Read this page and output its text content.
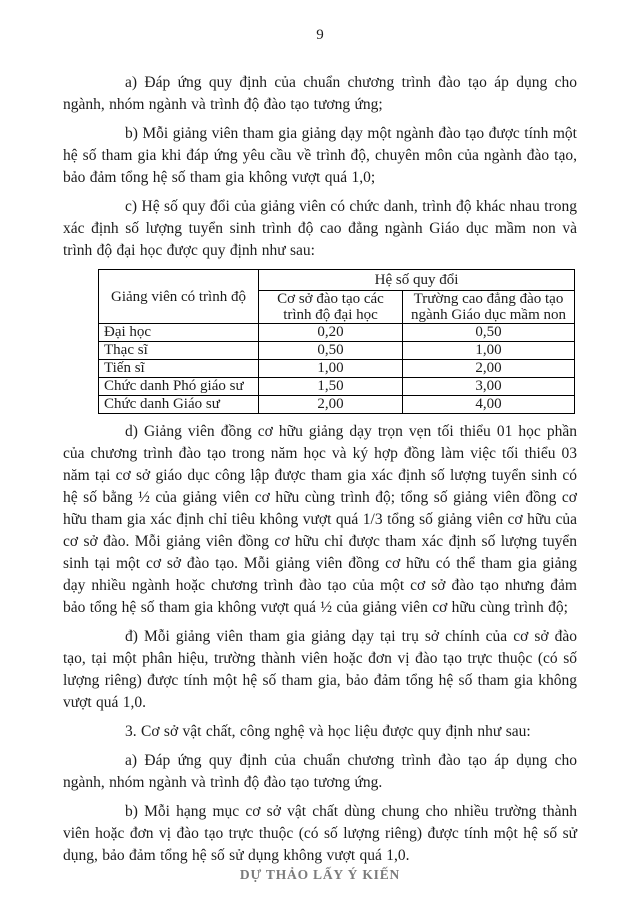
9

a) Đáp ứng quy định của chuẩn chương trình đào tạo áp dụng cho ngành, nhóm ngành và trình độ đào tạo tương ứng;

b) Mỗi giảng viên tham gia giảng dạy một ngành đào tạo được tính một hệ số tham gia khi đáp ứng yêu cầu về trình độ, chuyên môn của ngành đào tạo, bảo đảm tổng hệ số tham gia không vượt quá 1,0;

c) Hệ số quy đổi của giảng viên có chức danh, trình độ khác nhau trong xác định số lượng tuyển sinh trình độ cao đẳng ngành Giáo dục mầm non và trình độ đại học được quy định như sau:

Giảng viên có trình độ	Hệ số quy đổi	
	Cơ sở đào tạo các trình độ đại học	Trường cao đẳng đào tạo ngành Giáo dục mầm non
Đại học	0,20	0,50
Thạc sĩ	0,50	1,00
Tiến sĩ	1,00	2,00
Chức danh Phó giáo sư	1,50	3,00
Chức danh Giáo sư	2,00	4,00

d) Giảng viên đồng cơ hữu giảng dạy trọn vẹn tối thiểu 01 học phần của chương trình đào tạo trong năm học và ký hợp đồng làm việc tối thiểu 03 năm tại cơ sở giáo dục công lập được tham gia xác định số lượng tuyển sinh có hệ số bằng ½ của giảng viên cơ hữu cùng trình độ; tổng số giảng viên đồng cơ hữu tham gia xác định chỉ tiêu không vượt quá 1/3 tổng số giảng viên cơ hữu của cơ sở đào. Mỗi giảng viên đồng cơ hữu chỉ được tham xác định số lượng tuyển sinh tại một cơ sở đào tạo. Mỗi giảng viên đồng cơ hữu có thể tham gia giảng dạy nhiều ngành hoặc chương trình đào tạo của một cơ sở đào tạo nhưng đảm bảo tổng hệ số tham gia không vượt quá ½ của giảng viên cơ hữu cùng trình độ;

đ) Mỗi giảng viên tham gia giảng dạy tại trụ sở chính của cơ sở đào tạo, tại một phân hiệu, trường thành viên hoặc đơn vị đào tạo trực thuộc (có số lượng riêng) được tính một hệ số tham gia, bảo đảm tổng hệ số tham gia không vượt quá 1,0.

3. Cơ sở vật chất, công nghệ và học liệu được quy định như sau:

a) Đáp ứng quy định của chuẩn chương trình đào tạo áp dụng cho ngành, nhóm ngành và trình độ đào tạo tương ứng.

b) Mỗi hạng mục cơ sở vật chất dùng chung cho nhiều trường thành viên hoặc đơn vị đào tạo trực thuộc (có số lượng riêng) được tính một hệ số sử dụng, bảo đảm tổng hệ số sử dụng không vượt quá 1,0.

DỰ THẢO LẤY Ý KIẾN
